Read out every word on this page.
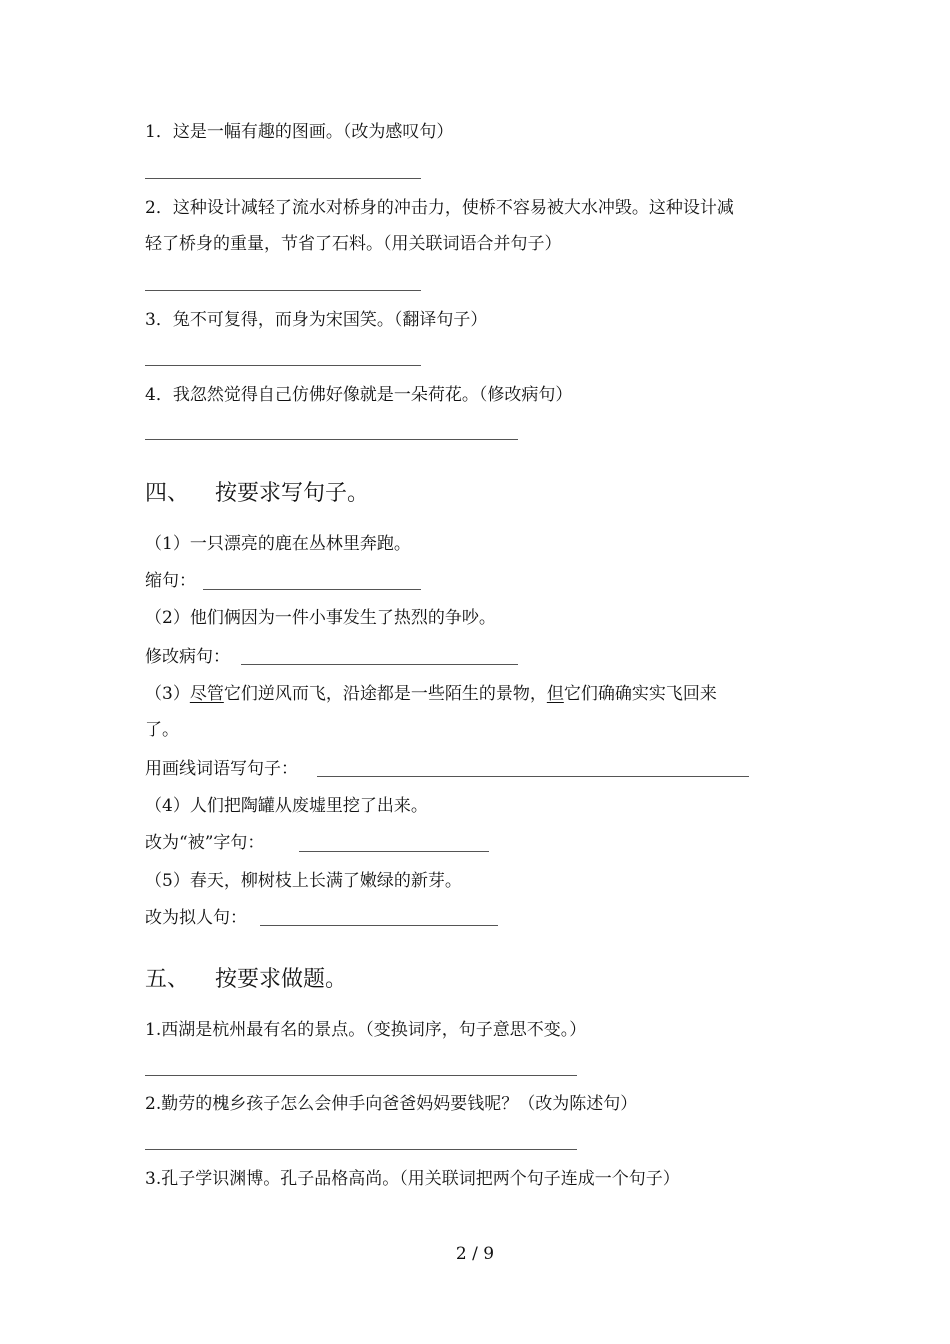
1．这是一幅有趣的图画。（改为感叹句）
2．这种设计减轻了流水对桥身的冲击力，使桥不容易被大水冲毁。这种设计减
轻了桥身的重量，节省了石料。（用关联词语合并句子）
3．兔不可复得，而身为宋国笑。（翻译句子）
4．我忽然觉得自己仿佛好像就是一朵荷花。（修改病句）
四、 按要求写句子。
（1）一只漂亮的鹿在丛林里奔跑。
缩句：
（2）他们俩因为一件小事发生了热烈的争吵。
修改病句：
（3）尽管它们逆风而飞，沿途都是一些陌生的景物，但它们确确实实飞回来
了。
用画线词语写句子：
（4）人们把陶罐从废墟里挖了出来。
改为“被”字句：
（5）春天，柳树枝上长满了嫩绿的新芽。
改为拟人句：
五、 按要求做题。
1.西湖是杭州最有名的景点。（变换词序，句子意思不变。）
2.勤劳的槐乡孩子怎么会伸手向爸爸妈妈要钱呢？（改为陈述句）
3.孔子学识渊博。孔子品格高尚。（用关联词把两个句子连成一个句子）
2 / 9
